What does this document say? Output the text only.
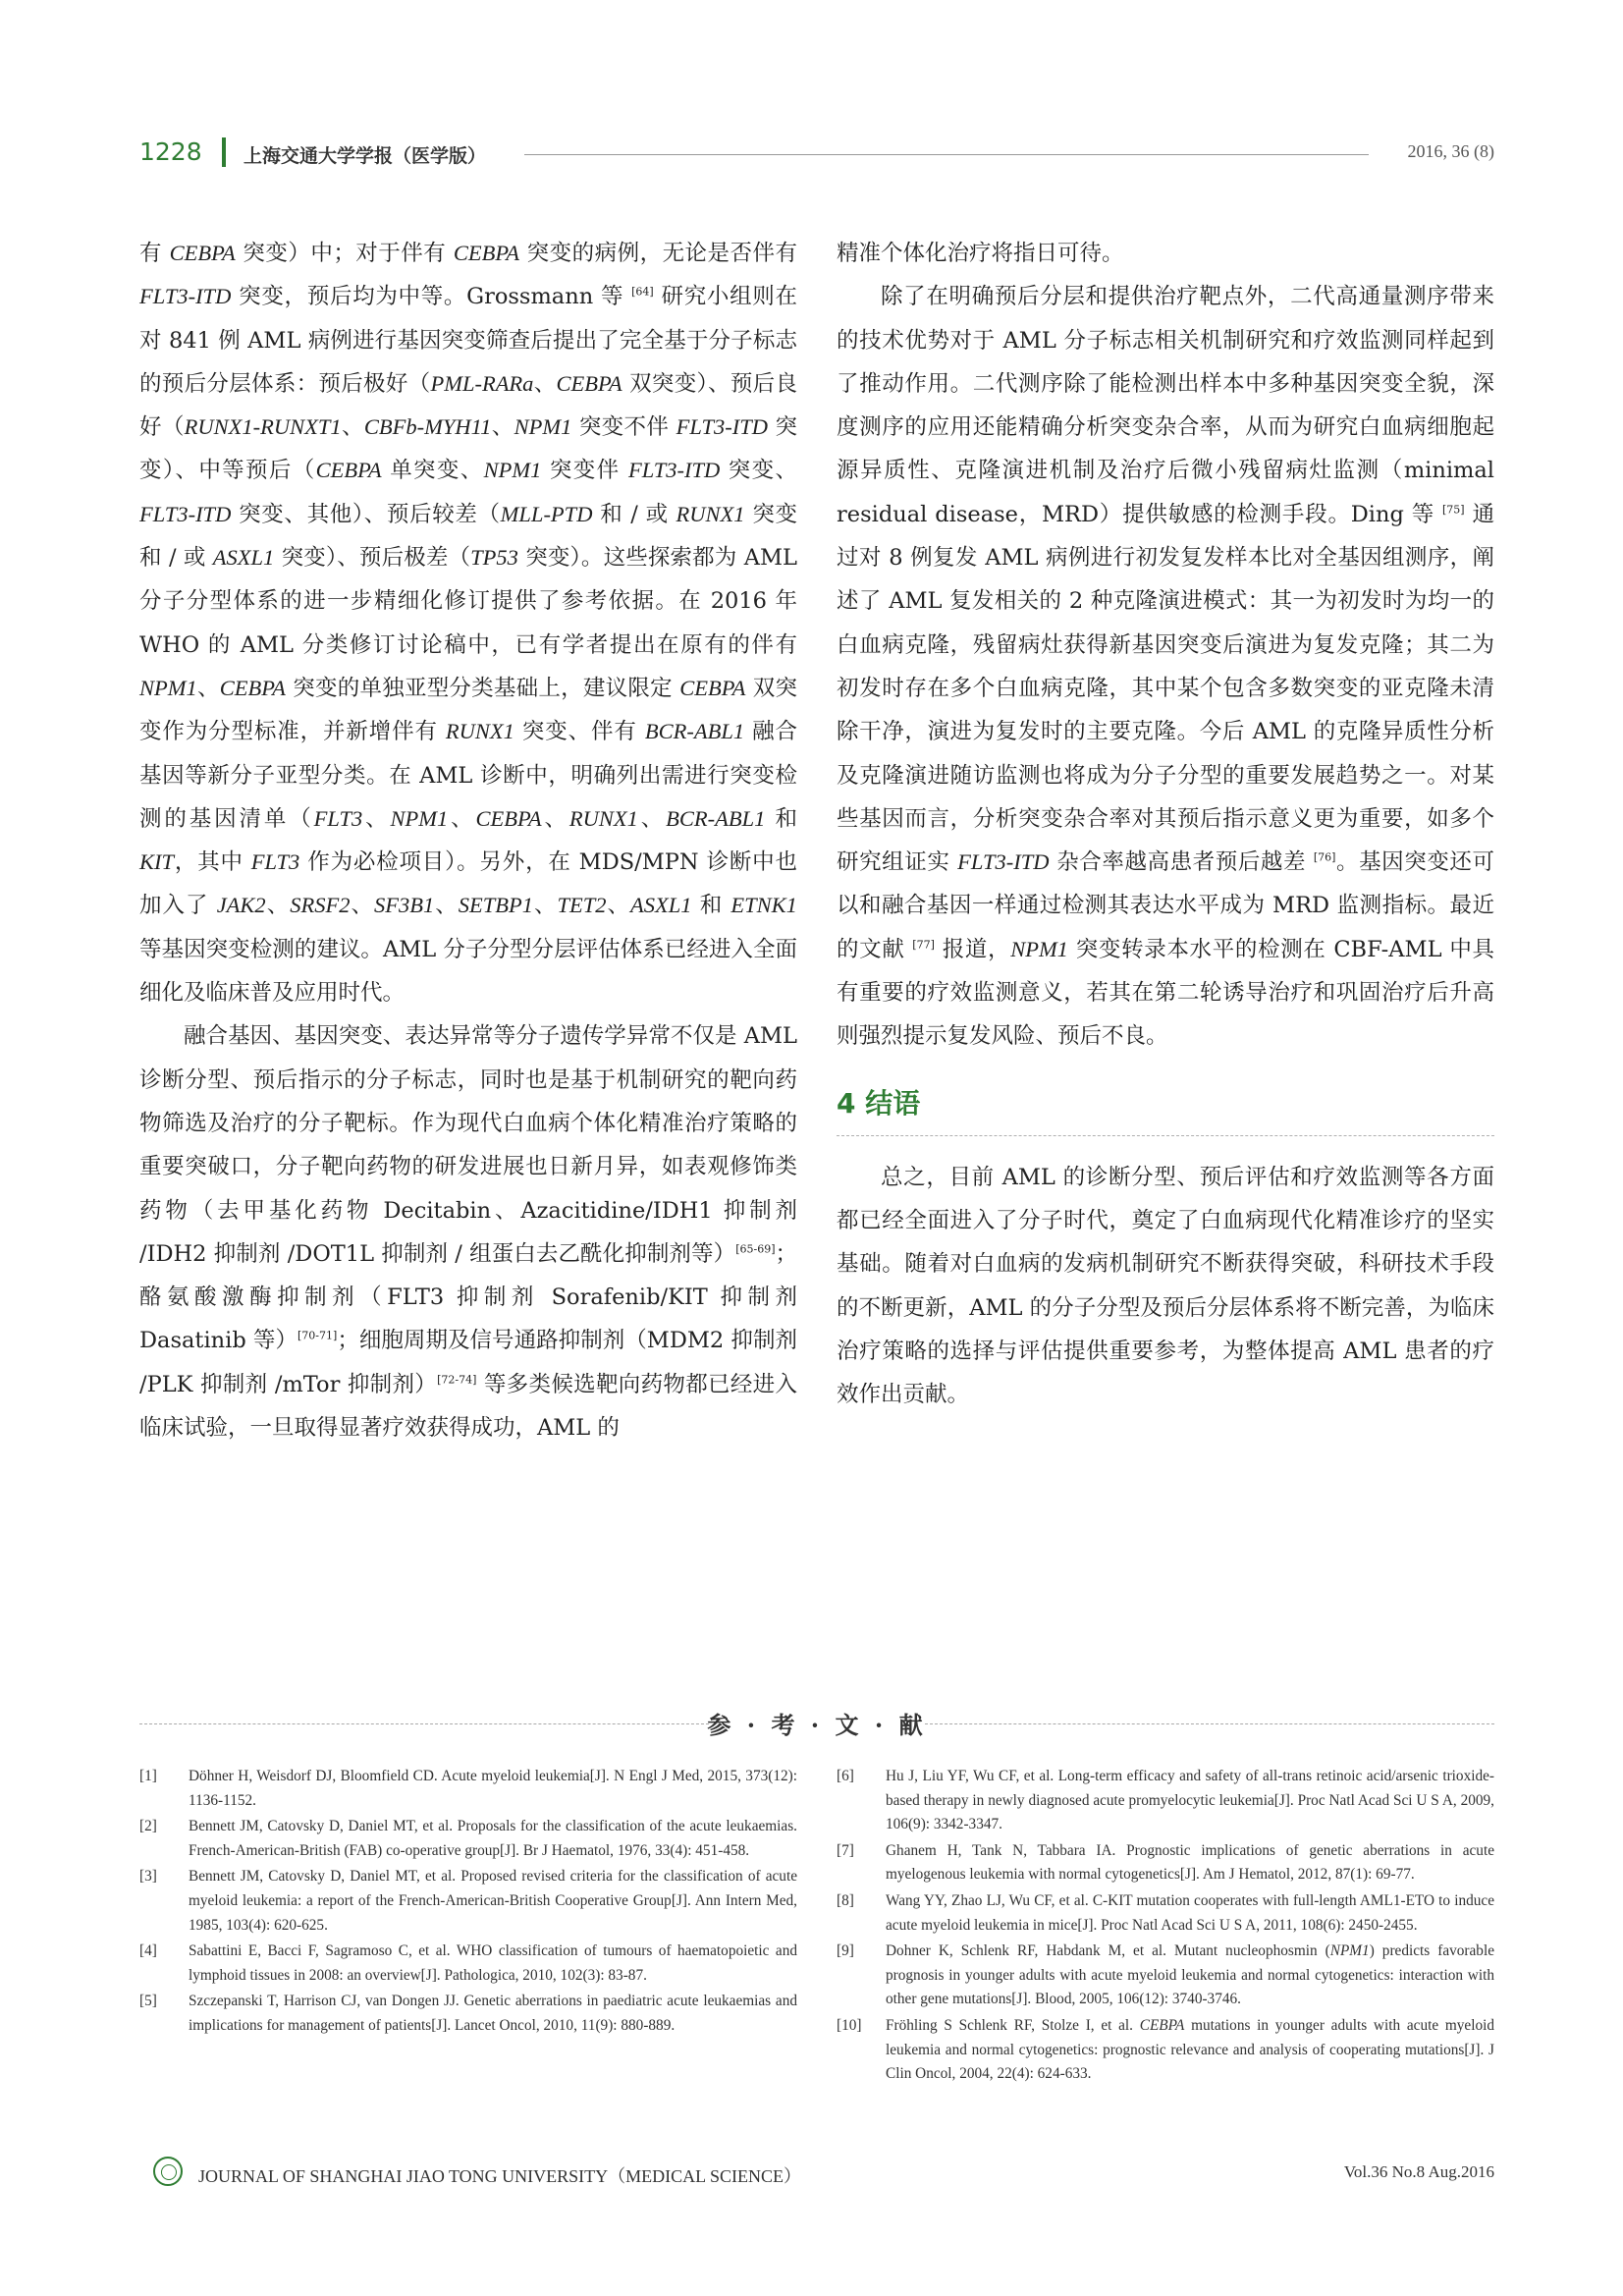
1228 上海交通大学学报（医学版）	2016, 36 (8)

有 CEBPA 突变）中；对于伴有 CEBPA 突变的病例，无论是否伴有 FLT3-ITD 突变，预后均为中等。Grossmann 等 [64] 研究小组则在对 841 例 AML 病例进行基因突变筛查后提出了完全基于分子标志的预后分层体系：预后极好（PML-RARa、CEBPA 双突变）、预后良好（RUNX1-RUNXT1、CBFb-MYH11、NPM1 突变不伴 FLT3-ITD 突变）、中等预后（CEBPA 单突变、NPM1 突变伴 FLT3-ITD 突变、FLT3-ITD 突变、其他）、预后较差（MLL-PTD 和 / 或 RUNX1 突变和 / 或 ASXL1 突变）、预后极差（TP53 突变）。这些探索都为 AML 分子分型体系的进一步精细化修订提供了参考依据。在 2016 年 WHO 的 AML 分类修订讨论稿中，已有学者提出在原有的伴有 NPM1、CEBPA 突变的单独亚型分类基础上，建议限定 CEBPA 双突变作为分型标准，并新增伴有 RUNX1 突变、伴有 BCR-ABL1 融合基因等新分子亚型分类。在 AML 诊断中，明确列出需进行突变检测的基因清单（FLT3、NPM1、CEBPA、RUNX1、BCR-ABL1 和 KIT，其中 FLT3 作为必检项目）。另外，在 MDS/MPN 诊断中也加入了 JAK2、SRSF2、SF3B1、SETBP1、TET2、ASXL1 和 ETNK1 等基因突变检测的建议。AML 分子分型分层评估体系已经进入全面细化及临床普及应用时代。

融合基因、基因突变、表达异常等分子遗传学异常不仅是 AML 诊断分型、预后指示的分子标志，同时也是基于机制研究的靶向药物筛选及治疗的分子靶标。作为现代白血病个体化精准治疗策略的重要突破口，分子靶向药物的研发进展也日新月异，如表观修饰类药物（去甲基化药物 Decitabin、Azacitidine/IDH1 抑制剂 /IDH2 抑制剂 /DOT1L 抑制剂 / 组蛋白去乙酰化抑制剂等）[65-69]；酪氨酸激酶抑制剂（FLT3 抑制剂 Sorafenib/KIT 抑制剂 Dasatinib 等）[70-71]；细胞周期及信号通路抑制剂（MDM2 抑制剂 /PLK 抑制剂 /mTor 抑制剂）[72-74] 等多类候选靶向药物都已经进入临床试验，一旦取得显著疗效获得成功，AML 的

精准个体化治疗将指日可待。

除了在明确预后分层和提供治疗靶点外，二代高通量测序带来的技术优势对于 AML 分子标志相关机制研究和疗效监测同样起到了推动作用。二代测序除了能检测出样本中多种基因突变全貌，深度测序的应用还能精确分析突变杂合率，从而为研究白血病细胞起源异质性、克隆演进机制及治疗后微小残留病灶监测（minimal residual disease，MRD）提供敏感的检测手段。Ding 等 [75] 通过对 8 例复发 AML 病例进行初发复发样本比对全基因组测序，阐述了 AML 复发相关的 2 种克隆演进模式：其一为初发时为均一的白血病克隆，残留病灶获得新基因突变后演进为复发克隆；其二为初发时存在多个白血病克隆，其中某个包含多数突变的亚克隆未清除干净，演进为复发时的主要克隆。今后 AML 的克隆异质性分析及克隆演进随访监测也将成为分子分型的重要发展趋势之一。对某些基因而言，分析突变杂合率对其预后指示意义更为重要，如多个研究组证实 FLT3-ITD 杂合率越高患者预后越差 [76]。基因突变还可以和融合基因一样通过检测其表达水平成为 MRD 监测指标。最近的文献 [77] 报道，NPM1 突变转录本水平的检测在 CBF-AML 中具有重要的疗效监测意义，若其在第二轮诱导治疗和巩固治疗后升高则强烈提示复发风险、预后不良。

4 结语

总之，目前 AML 的诊断分型、预后评估和疗效监测等各方面都已经全面进入了分子时代，奠定了白血病现代化精准诊疗的坚实基础。随着对白血病的发病机制研究不断获得突破，科研技术手段的不断更新，AML 的分子分型及预后分层体系将不断完善，为临床治疗策略的选择与评估提供重要参考，为整体提高 AML 患者的疗效作出贡献。

参 · 考 · 文 · 献
[1] Döhner H, Weisdorf DJ, Bloomfield CD. Acute myeloid leukemia[J]. N Engl J Med, 2015, 373(12): 1136-1152.
[2] Bennett JM, Catovsky D, Daniel MT, et al. Proposals for the classification of the acute leukaemias. French-American-British (FAB) co-operative group[J]. Br J Haematol, 1976, 33(4): 451-458.
[3] Bennett JM, Catovsky D, Daniel MT, et al. Proposed revised criteria for the classification of acute myeloid leukemia: a report of the French-American-British Cooperative Group[J]. Ann Intern Med, 1985, 103(4): 620-625.
[4] Sabattini E, Bacci F, Sagramoso C, et al. WHO classification of tumours of haematopoietic and lymphoid tissues in 2008: an overview[J]. Pathologica, 2010, 102(3): 83-87.
[5] Szczepanski T, Harrison CJ, van Dongen JJ. Genetic aberrations in paediatric acute leukaemias and implications for management of patients[J]. Lancet Oncol, 2010, 11(9): 880-889.
[6] Hu J, Liu YF, Wu CF, et al. Long-term efficacy and safety of all-trans retinoic acid/arsenic trioxide-based therapy in newly diagnosed acute promyelocytic leukemia[J]. Proc Natl Acad Sci U S A, 2009, 106(9): 3342-3347.
[7] Ghanem H, Tank N, Tabbara IA. Prognostic implications of genetic aberrations in acute myelogenous leukemia with normal cytogenetics[J]. Am J Hematol, 2012, 87(1): 69-77.
[8] Wang YY, Zhao LJ, Wu CF, et al. C-KIT mutation cooperates with full-length AML1-ETO to induce acute myeloid leukemia in mice[J]. Proc Natl Acad Sci U S A, 2011, 108(6): 2450-2455.
[9] Dohner K, Schlenk RF, Habdank M, et al. Mutant nucleophosmin (NPM1) predicts favorable prognosis in younger adults with acute myeloid leukemia and normal cytogenetics: interaction with other gene mutations[J]. Blood, 2005, 106(12): 3740-3746.
[10] Fröhling S Schlenk RF, Stolze I, et al. CEBPA mutations in younger adults with acute myeloid leukemia and normal cytogenetics: prognostic relevance and analysis of cooperating mutations[J]. J Clin Oncol, 2004, 22(4): 624-633.
JOURNAL OF SHANGHAI JIAO TONG UNIVERSITY（MEDICAL SCIENCE）	Vol.36 No.8 Aug.2016
